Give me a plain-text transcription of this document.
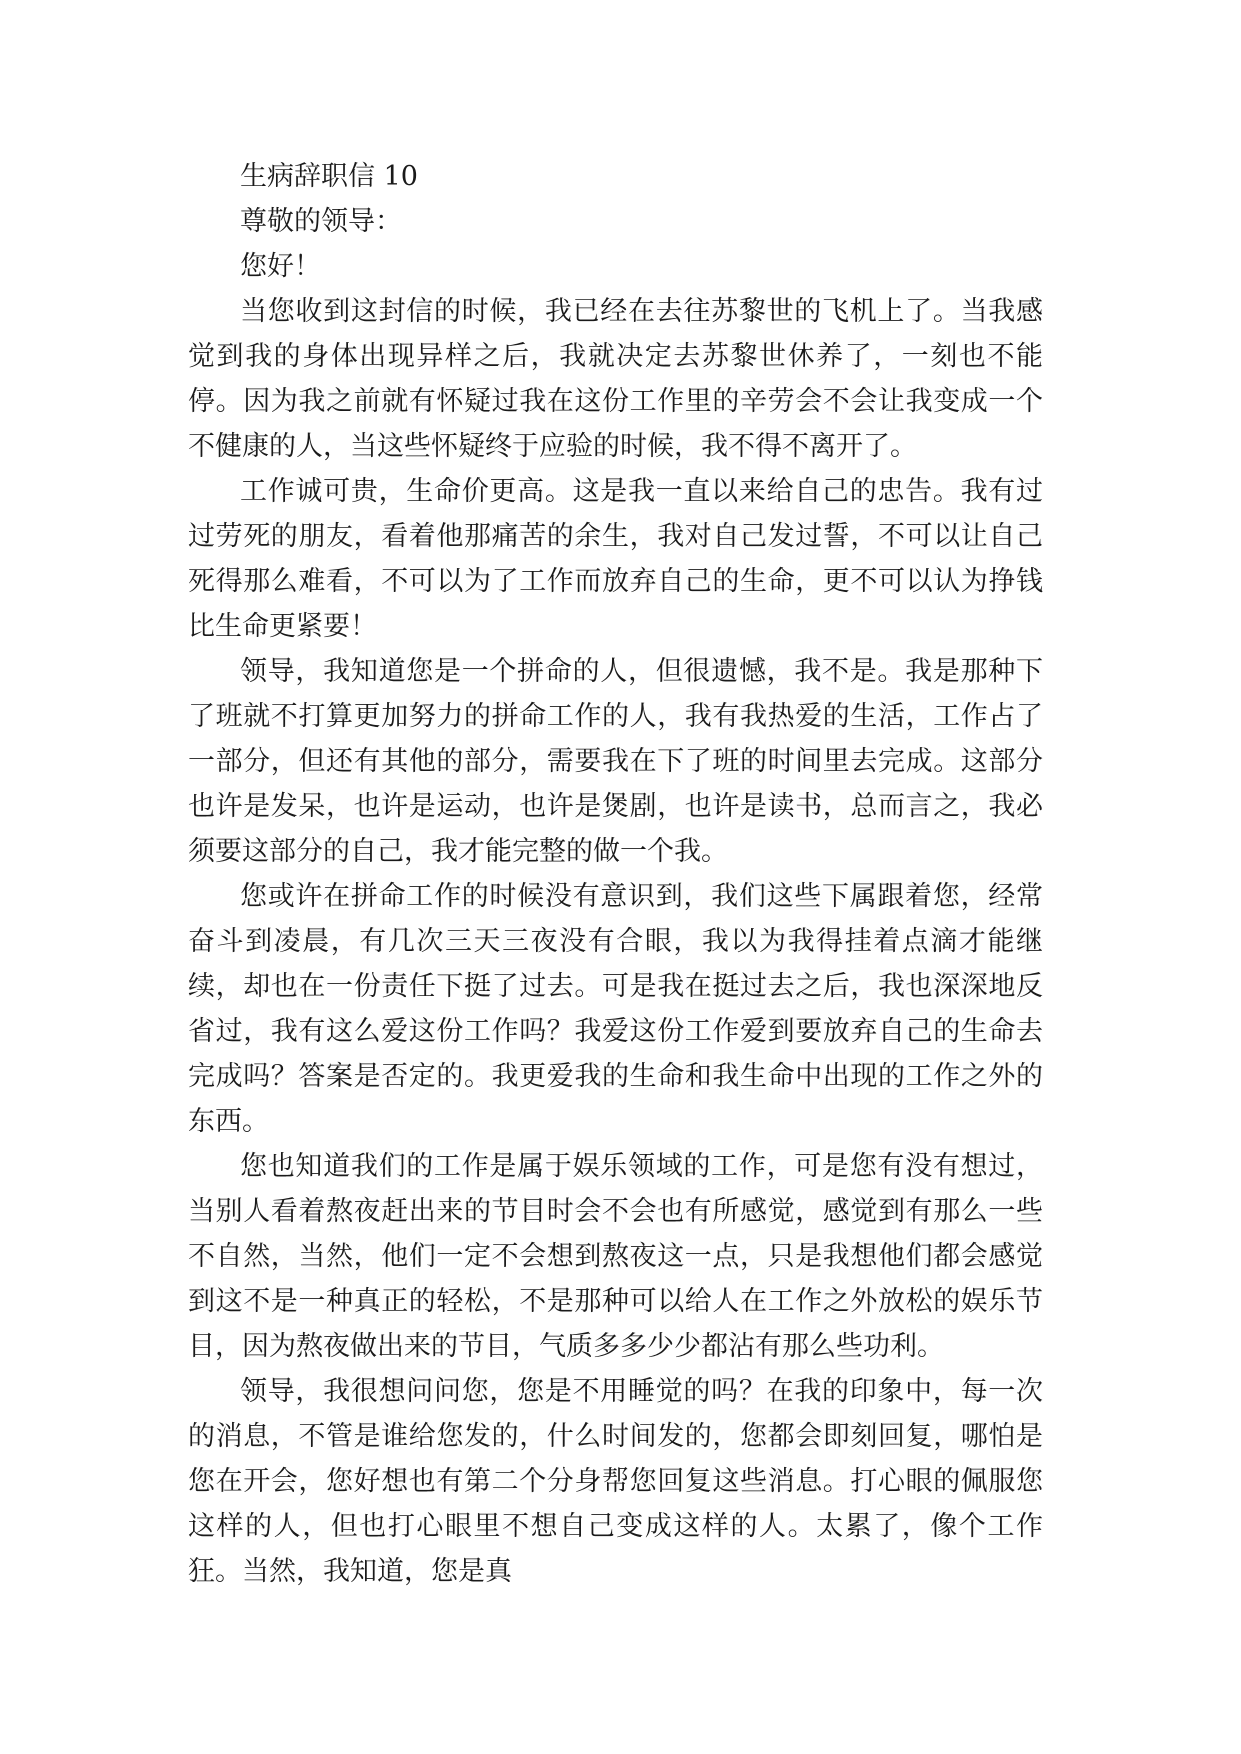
生病辞职信 10
尊敬的领导：
您好！

当您收到这封信的时候，我已经在去往苏黎世的飞机上了。当我感觉到我的身体出现异样之后，我就决定去苏黎世休养了，一刻也不能停。因为我之前就有怀疑过我在这份工作里的辛劳会不会让我变成一个不健康的人，当这些怀疑终于应验的时候，我不得不离开了。

工作诚可贵，生命价更高。这是我一直以来给自己的忠告。我有过过劳死的朋友，看着他那痛苦的余生，我对自己发过誓，不可以让自己死得那么难看，不可以为了工作而放弃自己的生命，更不可以认为挣钱比生命更紧要！

领导，我知道您是一个拼命的人，但很遗憾，我不是。我是那种下了班就不打算更加努力的拼命工作的人，我有我热爱的生活，工作占了一部分，但还有其他的部分，需要我在下了班的时间里去完成。这部分也许是发呆，也许是运动，也许是煲剧，也许是读书，总而言之，我必须要这部分的自己，我才能完整的做一个我。

您或许在拼命工作的时候没有意识到，我们这些下属跟着您，经常奋斗到凌晨，有几次三天三夜没有合眼，我以为我得挂着点滴才能继续，却也在一份责任下挺了过去。可是我在挺过去之后，我也深深地反省过，我有这么爱这份工作吗？我爱这份工作爱到要放弃自己的生命去完成吗？答案是否定的。我更爱我的生命和我生命中出现的工作之外的东西。

您也知道我们的工作是属于娱乐领域的工作，可是您有没有想过，当别人看着熬夜赶出来的节目时会不会也有所感觉，感觉到有那么一些不自然，当然，他们一定不会想到熬夜这一点，只是我想他们都会感觉到这不是一种真正的轻松，不是那种可以给人在工作之外放松的娱乐节目，因为熬夜做出来的节目，气质多多少少都沾有那么些功利。

领导，我很想问问您，您是不用睡觉的吗？在我的印象中，每一次的消息，不管是谁给您发的，什么时间发的，您都会即刻回复，哪怕是您在开会，您好想也有第二个分身帮您回复这些消息。打心眼的佩服您这样的人，但也打心眼里不想自己变成这样的人。太累了，像个工作狂。当然，我知道，您是真
